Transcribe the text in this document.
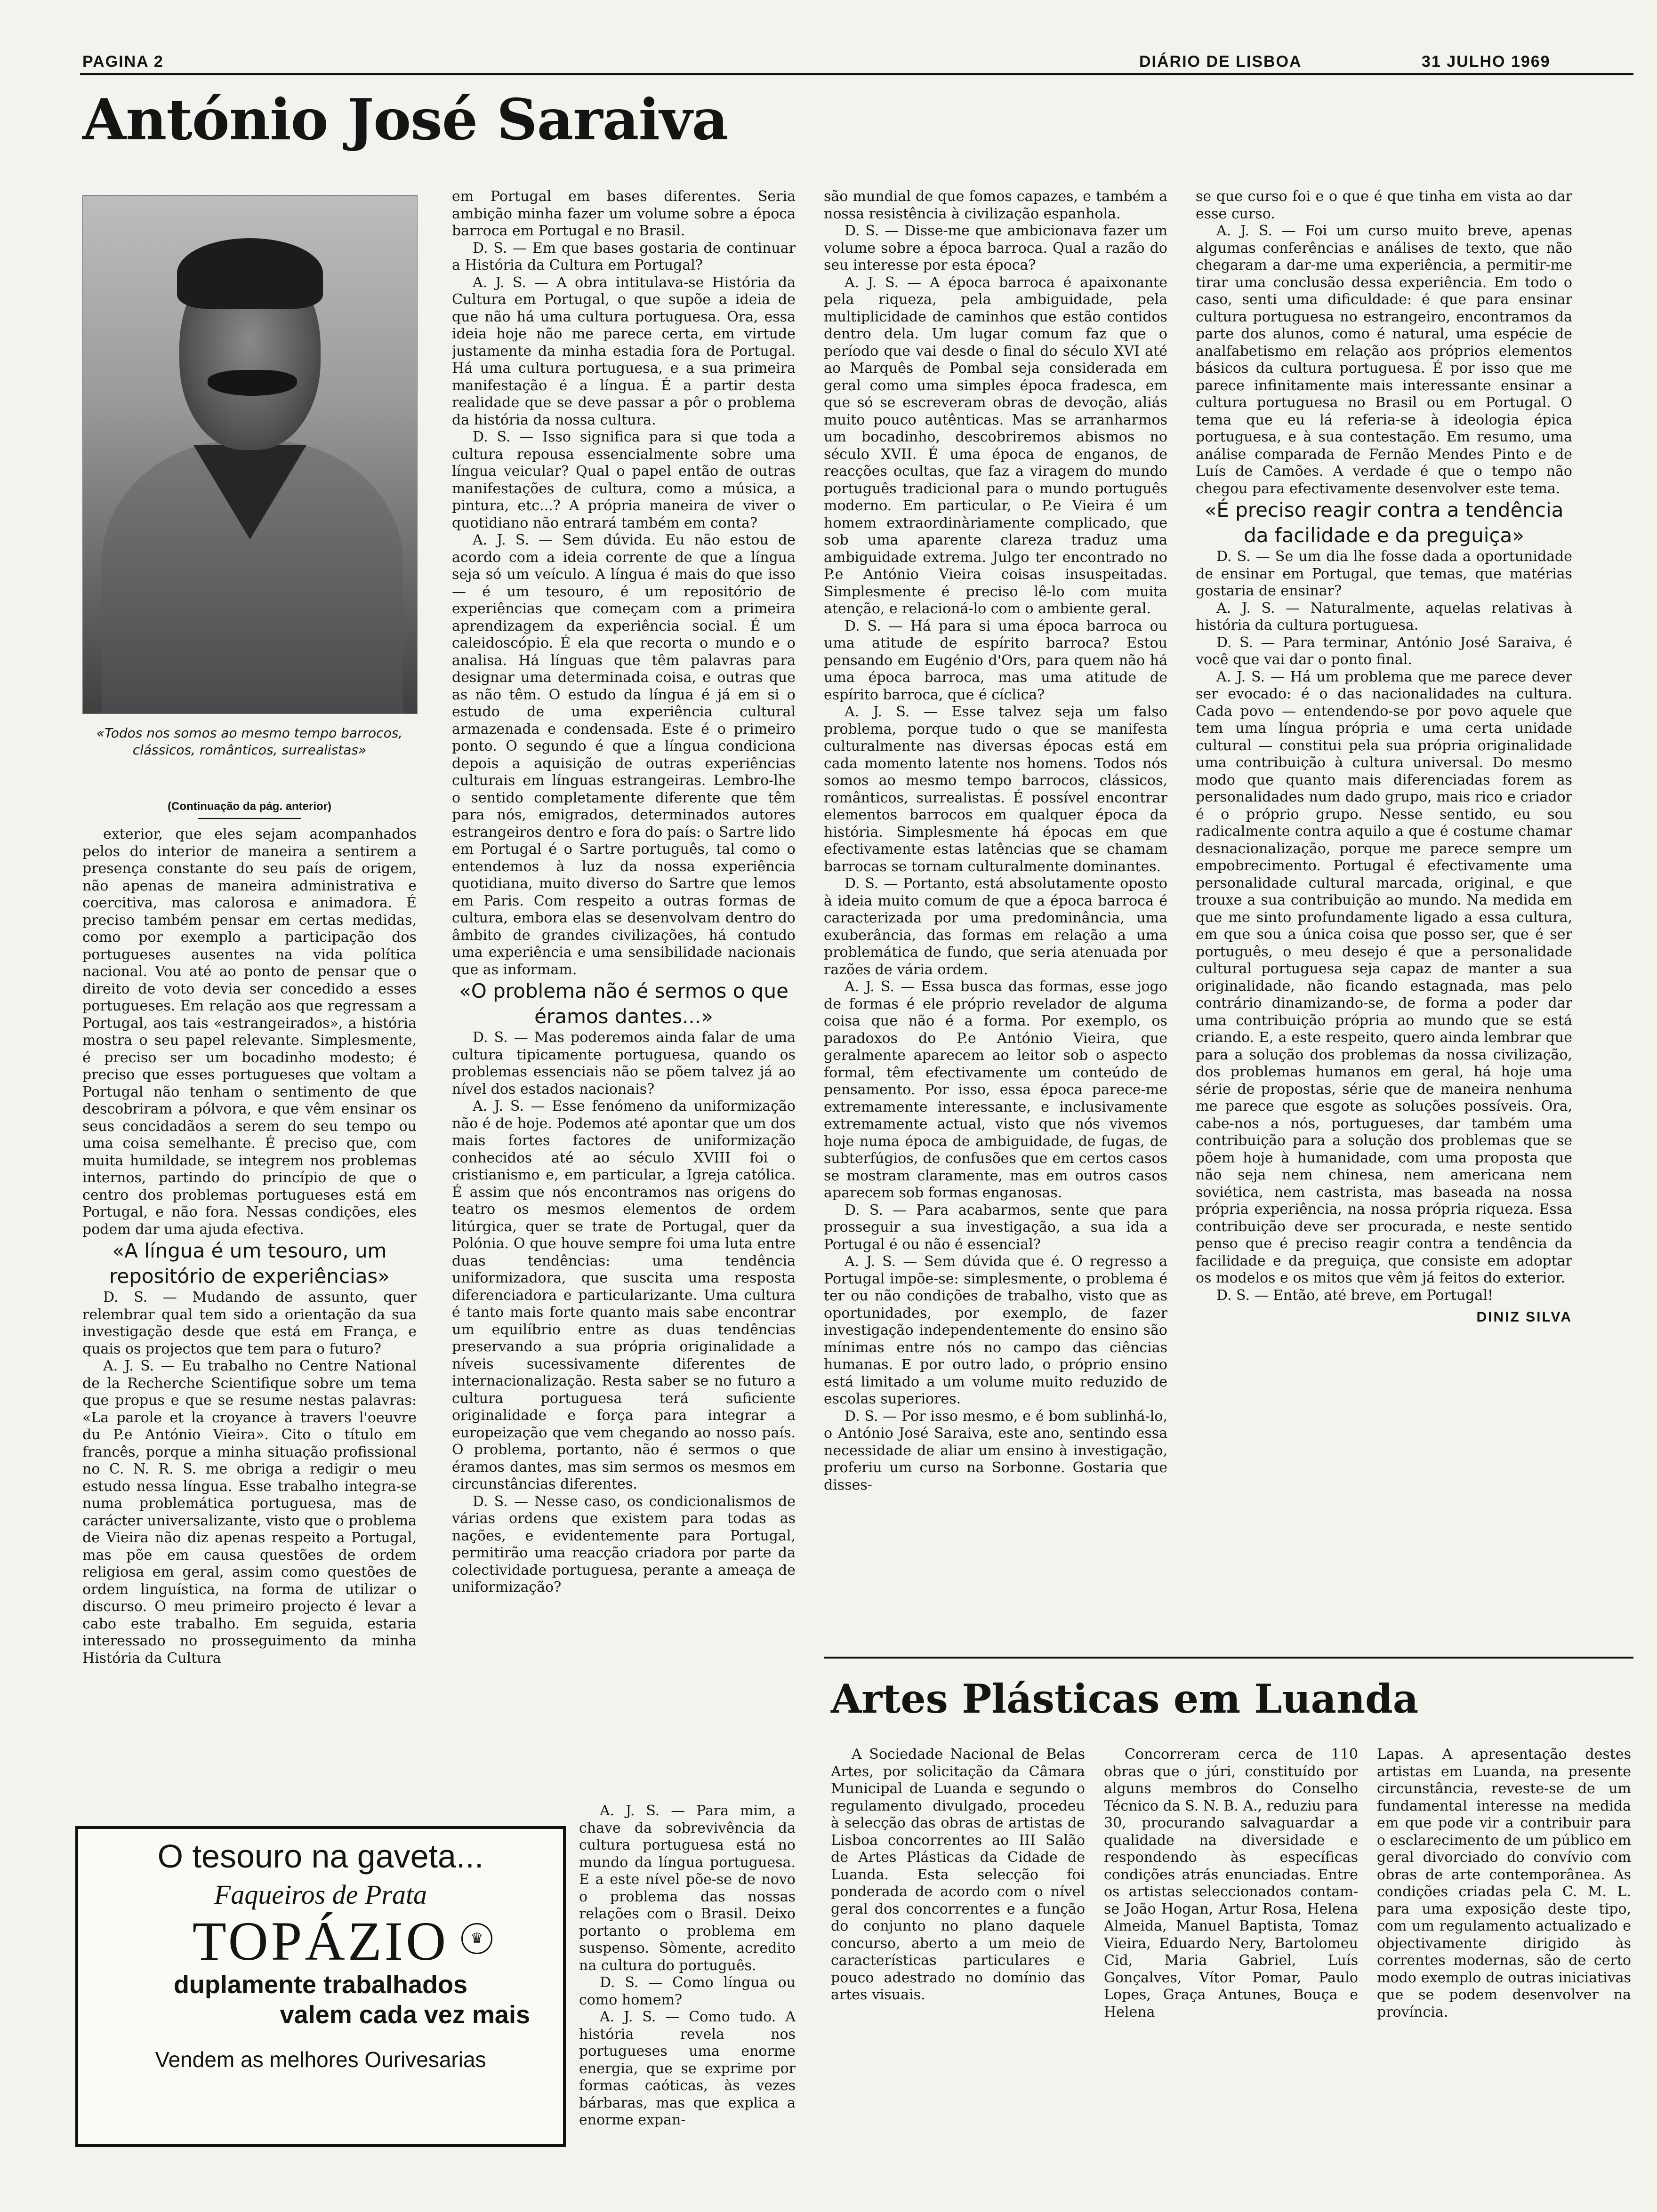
PAGINA 2	DIÁRIO DE LISBOA	31 JULHO 1969
António José Saraiva
«Todos nos somos ao mesmo tempo barrocos, clássicos, românticos, surrealistas»
(Continuação da pág. anterior)

exterior, que eles sejam acompanhados pelos do interior de maneira a sentirem a presença constante do seu país de origem, não apenas de maneira administrativa e coercitiva, mas calorosa e animadora. É preciso também pensar em certas medidas, como por exemplo a participação dos portugueses ausentes na vida política nacional. Vou até ao ponto de pensar que o direito de voto devia ser concedido a esses portugueses. Em relação aos que regressam a Portugal, aos tais «estrangeirados», a história mostra o seu papel relevante. Simplesmente, é preciso ser um bocadinho modesto; é preciso que esses portugueses que voltam a Portugal não tenham o sentimento de que descobriram a pólvora, e que vêm ensinar os seus concidadãos a serem do seu tempo ou uma coisa semelhante. É preciso que, com muita humildade, se integrem nos problemas internos, partindo do princípio de que o centro dos problemas portugueses está em Portugal, e não fora. Nessas condições, eles podem dar uma ajuda efectiva.

«A língua é um tesouro, um repositório de experiências»

D. S. — Mudando de assunto, quer relembrar qual tem sido a orientação da sua investigação desde que está em França, e quais os projectos que tem para o futuro?

A. J. S. — Eu trabalho no Centre National de la Recherche Scientifique sobre um tema que propus e que se resume nestas palavras: «La parole et la croyance à travers l'oeuvre du P.e António Vieira». Cito o título em francês, porque a minha situação profissional no C. N. R. S. me obriga a redigir o meu estudo nessa língua. Esse trabalho integra-se numa problemática portuguesa, mas de carácter universalizante, visto que o problema de Vieira não diz apenas respeito a Portugal, mas põe em causa questões de ordem religiosa em geral, assim como questões de ordem linguística, na forma de utilizar o discurso. O meu primeiro projecto é levar a cabo este trabalho. Em seguida, estaria interessado no prosseguimento da minha História da Cultura

em Portugal em bases diferentes. Seria ambição minha fazer um volume sobre a época barroca em Portugal e no Brasil.

D. S. — Em que bases gostaria de continuar a História da Cultura em Portugal?

A. J. S. — A obra intitulava-se História da Cultura em Portugal, o que supõe a ideia de que não há uma cultura portuguesa. Ora, essa ideia hoje não me parece certa, em virtude justamente da minha estadia fora de Portugal. Há uma cultura portuguesa, e a sua primeira manifestação é a língua. É a partir desta realidade que se deve passar a pôr o problema da história da nossa cultura.

D. S. — Isso significa para si que toda a cultura repousa essencialmente sobre uma língua veicular? Qual o papel então de outras manifestações de cultura, como a música, a pintura, etc...? A própria maneira de viver o quotidiano não entrará também em conta?

A. J. S. — Sem dúvida. Eu não estou de acordo com a ideia corrente de que a língua seja só um veículo. A língua é mais do que isso — é um tesouro, é um repositório de experiências que começam com a primeira aprendizagem da experiência social. É um caleidoscópio. É ela que recorta o mundo e o analisa. Há línguas que têm palavras para designar uma determinada coisa, e outras que as não têm. O estudo da língua é já em si o estudo de uma experiência cultural armazenada e condensada. Este é o primeiro ponto. O segundo é que a língua condiciona depois a aquisição de outras experiências culturais em línguas estrangeiras. Lembro-lhe o sentido completamente diferente que têm para nós, emigrados, determinados autores estrangeiros dentro e fora do país: o Sartre lido em Portugal é o Sartre português, tal como o entendemos à luz da nossa experiência quotidiana, muito diverso do Sartre que lemos em Paris. Com respeito a outras formas de cultura, embora elas se desenvolvam dentro do âmbito de grandes civilizações, há contudo uma experiência e uma sensibilidade nacionais que as informam.

«O problema não é sermos o que éramos dantes...»

D. S. — Mas poderemos ainda falar de uma cultura tipicamente portuguesa, quando os problemas essenciais não se põem talvez já ao nível dos estados nacionais?

A. J. S. — Esse fenómeno da uniformização não é de hoje. Podemos até apontar que um dos mais fortes factores de uniformização conhecidos até ao século XVIII foi o cristianismo e, em particular, a Igreja católica. É assim que nós encontramos nas origens do teatro os mesmos elementos de ordem litúrgica, quer se trate de Portugal, quer da Polónia. O que houve sempre foi uma luta entre duas tendências: uma tendência uniformizadora, que suscita uma resposta diferenciadora e particularizante. Uma cultura é tanto mais forte quanto mais sabe encontrar um equilíbrio entre as duas tendências preservando a sua própria originalidade a níveis sucessivamente diferentes de internacionalização. Resta saber se no futuro a cultura portuguesa terá suficiente originalidade e força para integrar a europeização que vem chegando ao nosso país. O problema, portanto, não é sermos o que éramos dantes, mas sim sermos os mesmos em circunstâncias diferentes.

D. S. — Nesse caso, os condicionalismos de várias ordens que existem para todas as nações, e evidentemente para Portugal, permitirão uma reacção criadora por parte da colectividade portuguesa, perante a ameaça de uniformização?

A. J. S. — Para mim, a chave da sobrevivência da cultura portuguesa está no mundo da língua portuguesa. E a este nível põe-se de novo o problema das nossas relações com o Brasil. Deixo portanto o problema em suspenso. Sòmente, acredito na cultura do português.

D. S. — Como língua ou como homem?

A. J. S. — Como tudo. A história revela nos portugueses uma enorme energia, que se exprime por formas caóticas, às vezes bárbaras, mas que explica a enorme expan-

são mundial de que fomos capazes, e também a nossa resistência à civilização espanhola.

D. S. — Disse-me que ambicionava fazer um volume sobre a época barroca. Qual a razão do seu interesse por esta época?

A. J. S. — A época barroca é apaixonante pela riqueza, pela ambiguidade, pela multiplicidade de caminhos que estão contidos dentro dela. Um lugar comum faz que o período que vai desde o final do século XVI até ao Marquês de Pombal seja considerada em geral como uma simples época fradesca, em que só se escreveram obras de devoção, aliás muito pouco autênticas. Mas se arranharmos um bocadinho, descobriremos abismos no século XVII. É uma época de enganos, de reacções ocultas, que faz a viragem do mundo português tradicional para o mundo português moderno. Em particular, o P.e Vieira é um homem extraordinàriamente complicado, que sob uma aparente clareza traduz uma ambiguidade extrema. Julgo ter encontrado no P.e António Vieira coisas insuspeitadas. Simplesmente é preciso lê-lo com muita atenção, e relacioná-lo com o ambiente geral.

D. S. — Há para si uma época barroca ou uma atitude de espírito barroca? Estou pensando em Eugénio d'Ors, para quem não há uma época barroca, mas uma atitude de espírito barroca, que é cíclica?

A. J. S. — Esse talvez seja um falso problema, porque tudo o que se manifesta culturalmente nas diversas épocas está em cada momento latente nos homens. Todos nós somos ao mesmo tempo barrocos, clássicos, românticos, surrealistas. É possível encontrar elementos barrocos em qualquer época da história. Simplesmente há épocas em que efectivamente estas latências que se chamam barrocas se tornam culturalmente dominantes.

D. S. — Portanto, está absolutamente oposto à ideia muito comum de que a época barroca é caracterizada por uma predominância, uma exuberância, das formas em relação a uma problemática de fundo, que seria atenuada por razões de vária ordem.

A. J. S. — Essa busca das formas, esse jogo de formas é ele próprio revelador de alguma coisa que não é a forma. Por exemplo, os paradoxos do P.e António Vieira, que geralmente aparecem ao leitor sob o aspecto formal, têm efectivamente um conteúdo de pensamento. Por isso, essa época parece-me extremamente interessante, e inclusivamente extremamente actual, visto que nós vivemos hoje numa época de ambiguidade, de fugas, de subterfúgios, de confusões que em certos casos se mostram claramente, mas em outros casos aparecem sob formas enganosas.

D. S. — Para acabarmos, sente que para prosseguir a sua investigação, a sua ida a Portugal é ou não é essencial?

A. J. S. — Sem dúvida que é. O regresso a Portugal impõe-se: simplesmente, o problema é ter ou não condições de trabalho, visto que as oportunidades, por exemplo, de fazer investigação independentemente do ensino são mínimas entre nós no campo das ciências humanas. E por outro lado, o próprio ensino está limitado a um volume muito reduzido de escolas superiores.

D. S. — Por isso mesmo, e é bom sublinhá-lo, o António José Saraiva, este ano, sentindo essa necessidade de aliar um ensino à investigação, proferiu um curso na Sorbonne. Gostaria que disses-

se que curso foi e o que é que tinha em vista ao dar esse curso.

A. J. S. — Foi um curso muito breve, apenas algumas conferências e análises de texto, que não chegaram a dar-me uma experiência, a permitir-me tirar uma conclusão dessa experiência. Em todo o caso, senti uma dificuldade: é que para ensinar cultura portuguesa no estrangeiro, encontramos da parte dos alunos, como é natural, uma espécie de analfabetismo em relação aos próprios elementos básicos da cultura portuguesa. É por isso que me parece infinitamente mais interessante ensinar a cultura portuguesa no Brasil ou em Portugal. O tema que eu lá referia-se à ideologia épica portuguesa, e à sua contestação. Em resumo, uma análise comparada de Fernão Mendes Pinto e de Luís de Camões. A verdade é que o tempo não chegou para efectivamente desenvolver este tema.

«É preciso reagir contra a tendência da facilidade e da preguiça»

D. S. — Se um dia lhe fosse dada a oportunidade de ensinar em Portugal, que temas, que matérias gostaria de ensinar?

A. J. S. — Naturalmente, aquelas relativas à história da cultura portuguesa.

D. S. — Para terminar, António José Saraiva, é você que vai dar o ponto final.

A. J. S. — Há um problema que me parece dever ser evocado: é o das nacionalidades na cultura. Cada povo — entendendo-se por povo aquele que tem uma língua própria e uma certa unidade cultural — constitui pela sua própria originalidade uma contribuição à cultura universal. Do mesmo modo que quanto mais diferenciadas forem as personalidades num dado grupo, mais rico e criador é o próprio grupo. Nesse sentido, eu sou radicalmente contra aquilo a que é costume chamar desnacionalização, porque me parece sempre um empobrecimento. Portugal é efectivamente uma personalidade cultural marcada, original, e que trouxe a sua contribuição ao mundo. Na medida em que me sinto profundamente ligado a essa cultura, em que sou a única coisa que posso ser, que é ser português, o meu desejo é que a personalidade cultural portuguesa seja capaz de manter a sua originalidade, não ficando estagnada, mas pelo contrário dinamizando-se, de forma a poder dar uma contribuição própria ao mundo que se está criando. E, a este respeito, quero ainda lembrar que para a solução dos problemas da nossa civilização, dos problemas humanos em geral, há hoje uma série de propostas, série que de maneira nenhuma me parece que esgote as soluções possíveis. Ora, cabe-nos a nós, portugueses, dar também uma contribuição para a solução dos problemas que se põem hoje à humanidade, com uma proposta que não seja nem chinesa, nem americana nem soviética, nem castrista, mas baseada na nossa própria experiência, na nossa própria riqueza. Essa contribuição deve ser procurada, e neste sentido penso que é preciso reagir contra a tendência da facilidade e da preguiça, que consiste em adoptar os modelos e os mitos que vêm já feitos do exterior.

D. S. — Então, até breve, em Portugal!

DINIZ SILVA

Artes Plásticas em Luanda

A Sociedade Nacional de Belas Artes, por solicitação da Câmara Municipal de Luanda e segundo o regulamento divulgado, procedeu à selecção das obras de artistas de Lisboa concorrentes ao III Salão de Artes Plásticas da Cidade de Luanda. Esta selecção foi ponderada de acordo com o nível geral dos concorrentes e a função do conjunto no plano daquele concurso, aberto a um meio de características particulares e pouco adestrado no domínio das artes visuais.

Concorreram cerca de 110 obras que o júri, constituído por alguns membros do Conselho Técnico da S. N. B. A., reduziu para 30, procurando salvaguardar a qualidade na diversidade e respondendo às específicas condições atrás enunciadas. Entre os artistas seleccionados contam-se João Hogan, Artur Rosa, Helena Almeida, Manuel Baptista, Tomaz Vieira, Eduardo Nery, Bartolomeu Cid, Maria Gabriel, Luís Gonçalves, Vítor Pomar, Paulo Lopes, Graça Antunes, Bouça e Helena

Lapas. A apresentação destes artistas em Luanda, na presente circunstância, reveste-se de um fundamental interesse na medida em que pode vir a contribuir para o esclarecimento de um público em geral divorciado do convívio com obras de arte contemporânea. As condições criadas pela C. M. L. para uma exposição deste tipo, com um regulamento actualizado e objectivamente dirigido às correntes modernas, são de certo modo exemplo de outras iniciativas que se podem desenvolver na província.

O tesouro na gaveta...
Faqueiros de Prata
TOPÁZIO	♛
duplamente trabalhados
valem cada vez mais
Vendem as melhores Ourivesarias
